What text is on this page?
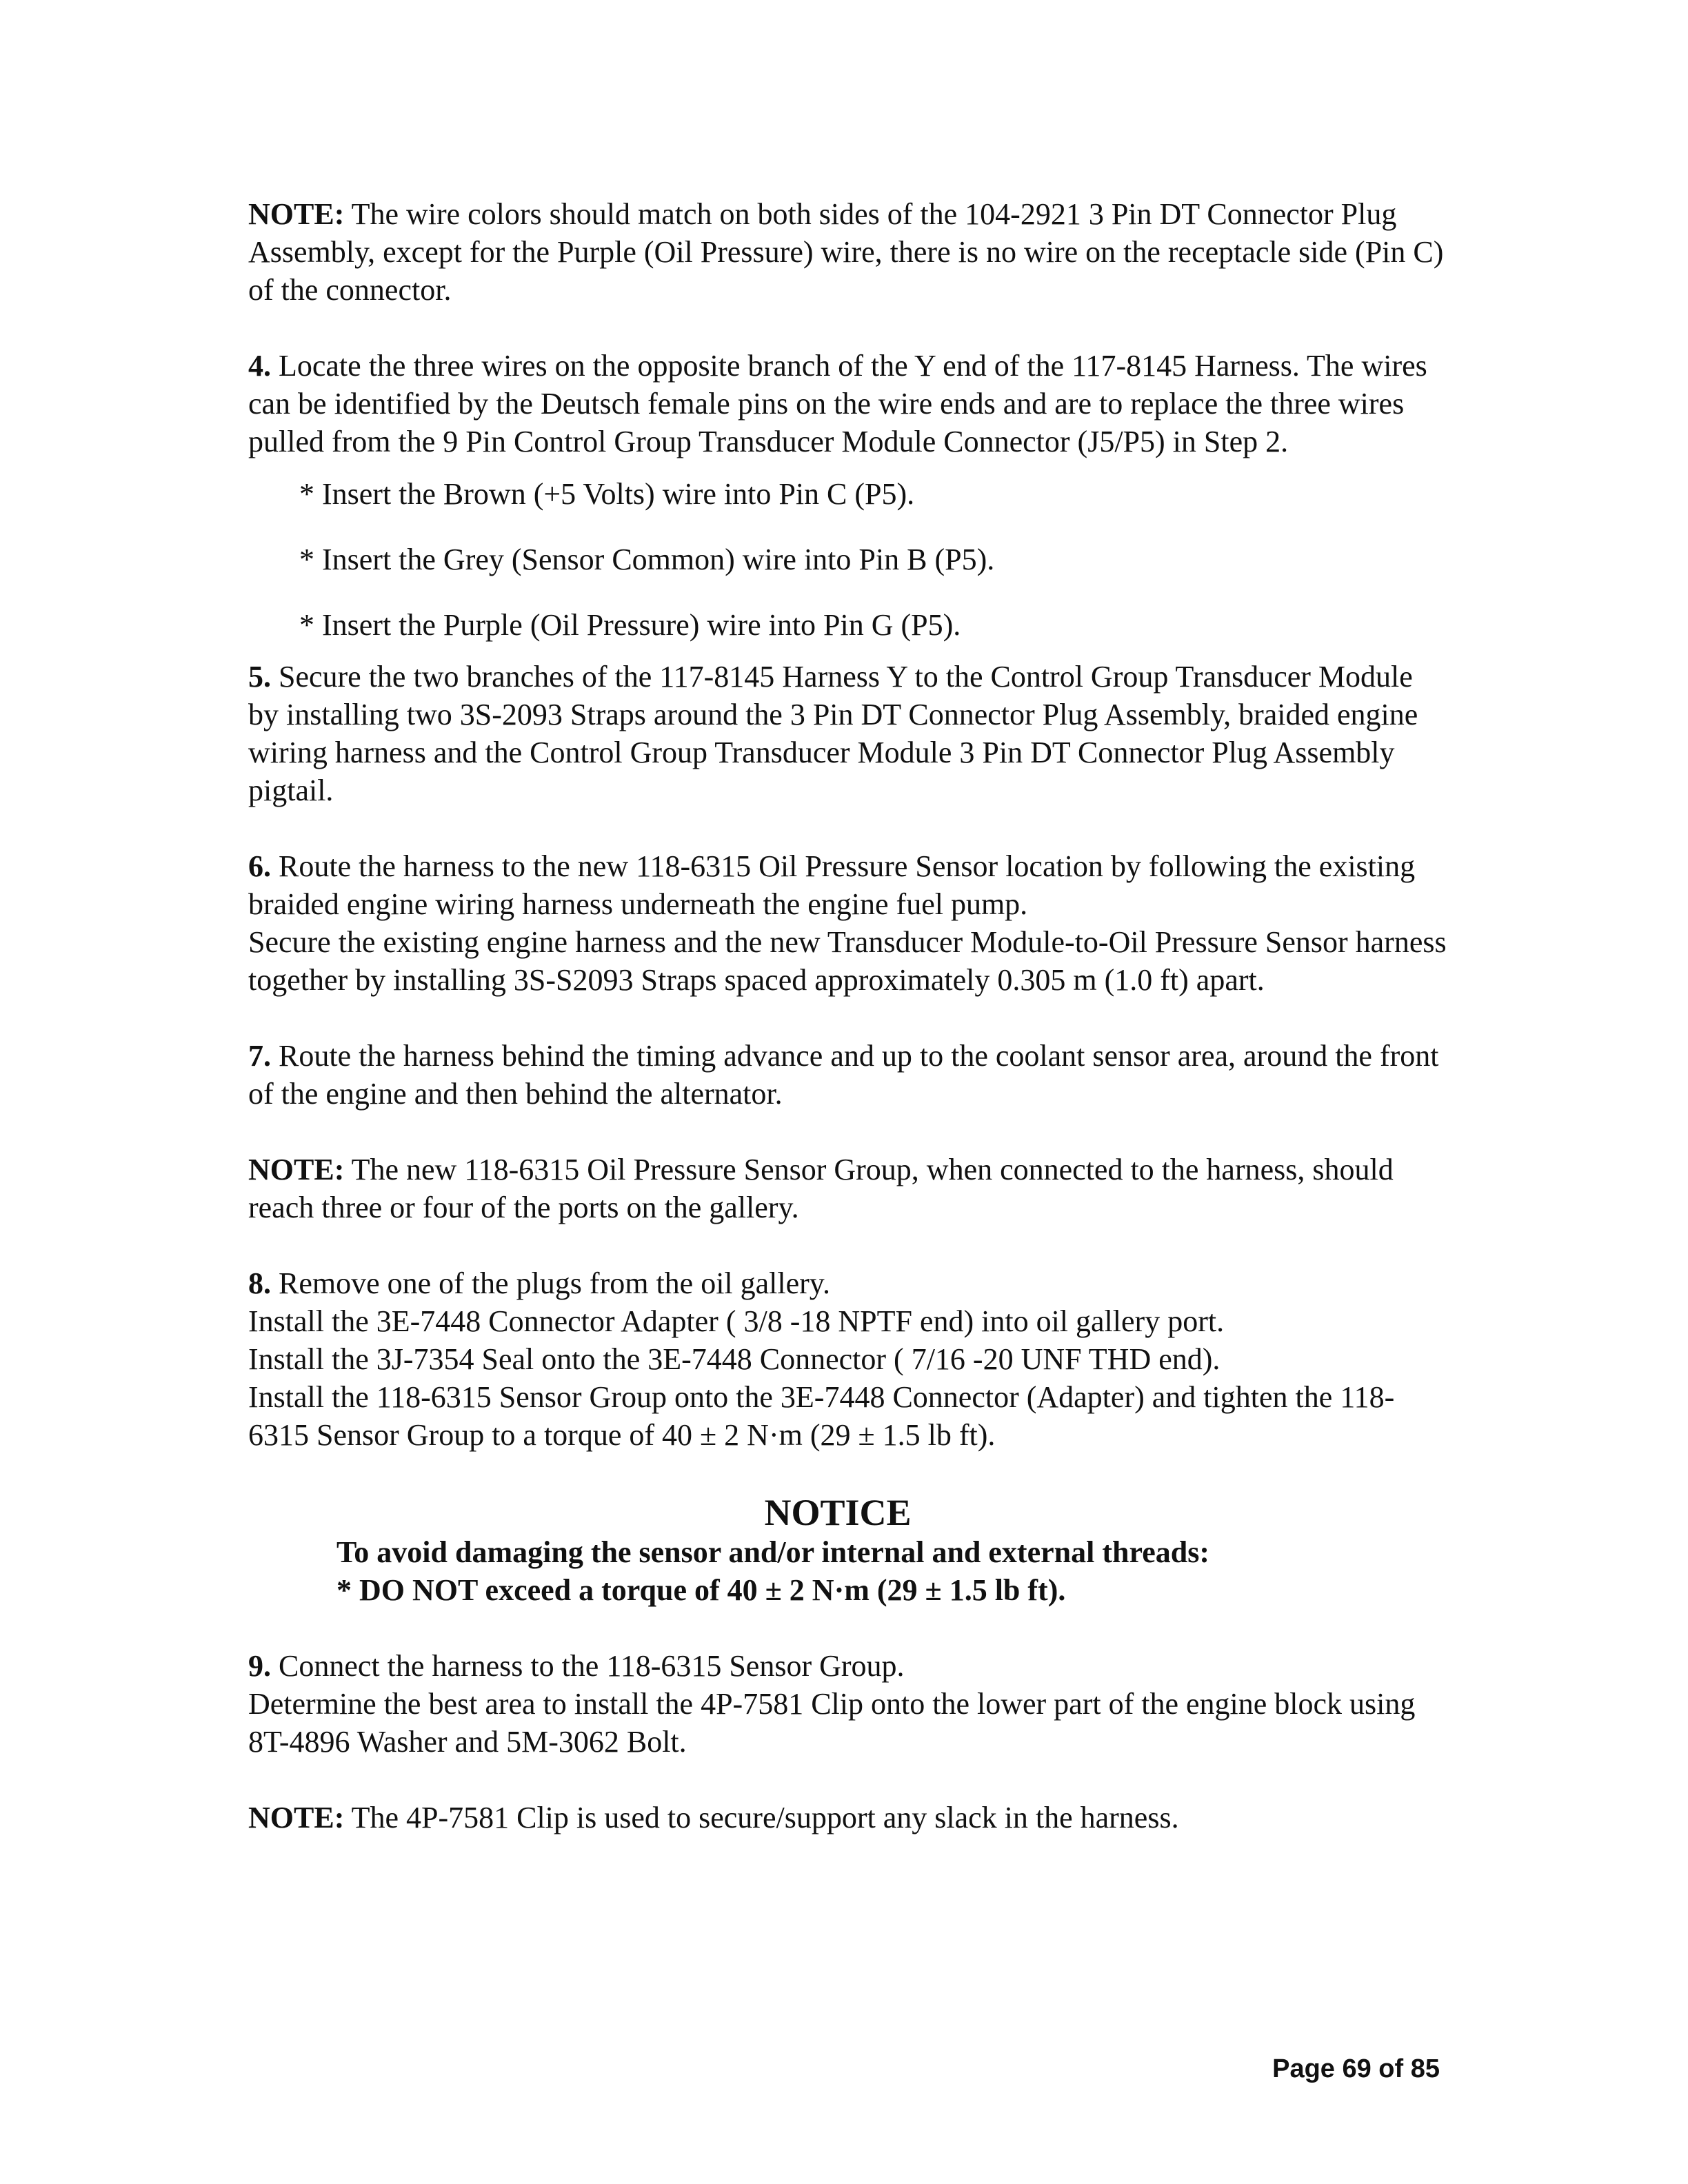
NOTE: The wire colors should match on both sides of the 104-2921 3 Pin DT Connector Plug Assembly, except for the Purple (Oil Pressure) wire, there is no wire on the receptacle side (Pin C) of the connector.

4. Locate the three wires on the opposite branch of the Y end of the 117-8145 Harness. The wires can be identified by the Deutsch female pins on the wire ends and are to replace the three wires pulled from the 9 Pin Control Group Transducer Module Connector (J5/P5) in Step 2.

* Insert the Brown (+5 Volts) wire into Pin C (P5).

* Insert the Grey (Sensor Common) wire into Pin B (P5).

* Insert the Purple (Oil Pressure) wire into Pin G (P5).

5. Secure the two branches of the 117-8145 Harness Y to the Control Group Transducer Module by installing two 3S-2093 Straps around the 3 Pin DT Connector Plug Assembly, braided engine wiring harness and the Control Group Transducer Module 3 Pin DT Connector Plug Assembly pigtail.

6. Route the harness to the new 118-6315 Oil Pressure Sensor location by following the existing braided engine wiring harness underneath the engine fuel pump.

Secure the existing engine harness and the new Transducer Module-to-Oil Pressure Sensor harness together by installing 3S-S2093 Straps spaced approximately 0.305 m (1.0 ft) apart.

7. Route the harness behind the timing advance and up to the coolant sensor area, around the front of the engine and then behind the alternator.

NOTE: The new 118-6315 Oil Pressure Sensor Group, when connected to the harness, should reach three or four of the ports on the gallery.

8. Remove one of the plugs from the oil gallery.

Install the 3E-7448 Connector Adapter ( 3/8 -18 NPTF end) into oil gallery port.

Install the 3J-7354 Seal onto the 3E-7448 Connector ( 7/16 -20 UNF THD end).

Install the 118-6315 Sensor Group onto the 3E-7448 Connector (Adapter) and tighten the 118-6315 Sensor Group to a torque of 40 ± 2 N·m (29 ± 1.5 lb ft).

NOTICE

To avoid damaging the sensor and/or internal and external threads:

* DO NOT exceed a torque of 40 ± 2 N·m (29 ± 1.5 lb ft).

9. Connect the harness to the 118-6315 Sensor Group.

Determine the best area to install the 4P-7581 Clip onto the lower part of the engine block using 8T-4896 Washer and 5M-3062 Bolt.

NOTE: The 4P-7581 Clip is used to secure/support any slack in the harness.

Page 69 of 85
